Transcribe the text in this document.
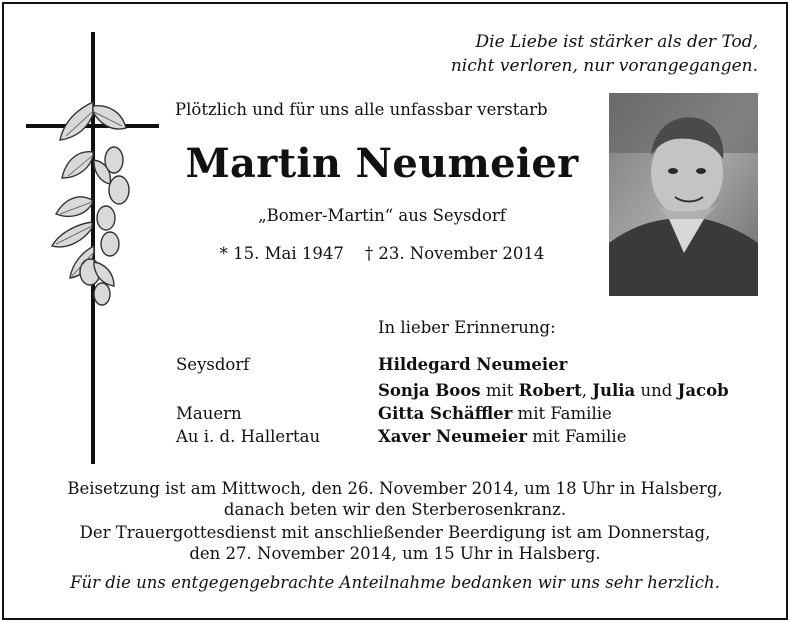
Die Liebe ist stärker als der Tod,
nicht verloren, nur vorangegangen.
Plötzlich und für uns alle unfassbar verstarb
Martin Neumeier
„Bomer-Martin“ aus Seysdorf
* 15. Mai 1947    † 23. November 2014
In lieber Erinnerung:
Seysdorf	Hildegard Neumeier
Sonja Boos mit Robert, Julia und Jacob
Mauern	Gitta Schäffler mit Familie
Au i. d. Hallertau	Xaver Neumeier mit Familie
Beisetzung ist am Mittwoch, den 26. November 2014, um 18 Uhr in Halsberg,
danach beten wir den Sterberosenkranz.
Der Trauergottesdienst mit anschließender Beerdigung ist am Donnerstag,
den 27. November 2014, um 15 Uhr in Halsberg.
Für die uns entgegengebrachte Anteilnahme bedanken wir uns sehr herzlich.
